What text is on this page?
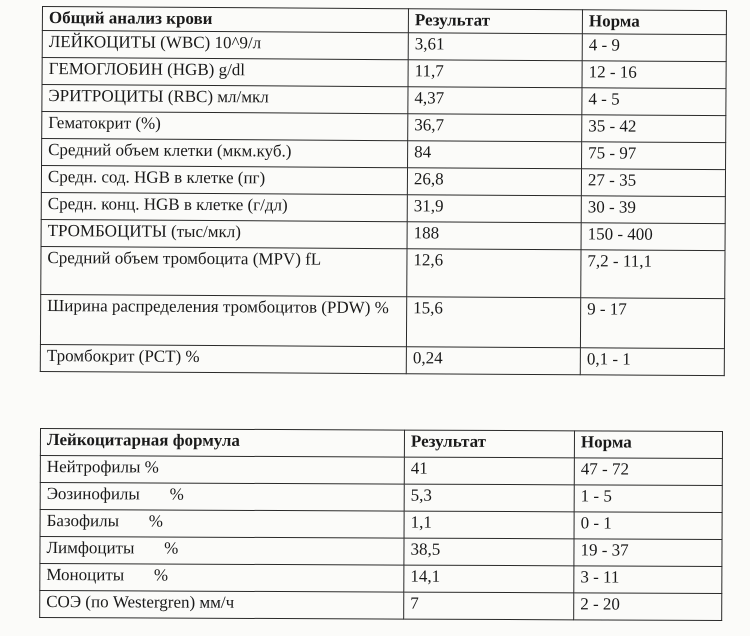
Общий анализ крови	Результат	Норма
ЛЕЙКОЦИТЫ (WBC) 10^9/л	3,61	4 - 9
ГЕМОГЛОБИН (HGB) g/dl	11,7	12 - 16
ЭРИТРОЦИТЫ (RBC) мл/мкл	4,37	4 - 5
Гематокрит (%)	36,7	35 - 42
Средний объем клетки (мкм.куб.)	84	75 - 97
Средн. сод. HGB в клетке (пг)	26,8	27 - 35
Средн. конц. HGB в клетке (г/дл)	31,9	30 - 39
ТРОМБОЦИТЫ (тыс/мкл)	188	150 - 400
Средний объем тромбоцита (MPV) fL	12,6	7,2 - 11,1
Ширина распределения тромбоцитов (PDW) %	15,6	9 - 17
Тромбокрит (PCT) %	0,24	0,1 - 1
Лейкоцитарная формула	Результат	Норма
Нейтрофилы %	41	47 - 72
Эозинофилы       %	5,3	1 - 5
Базофилы       %	1,1	0 - 1
Лимфоциты       %	38,5	19 - 37
Моноциты       %	14,1	3 - 11
СОЭ (по Westergren) мм/ч	7	2 - 20
